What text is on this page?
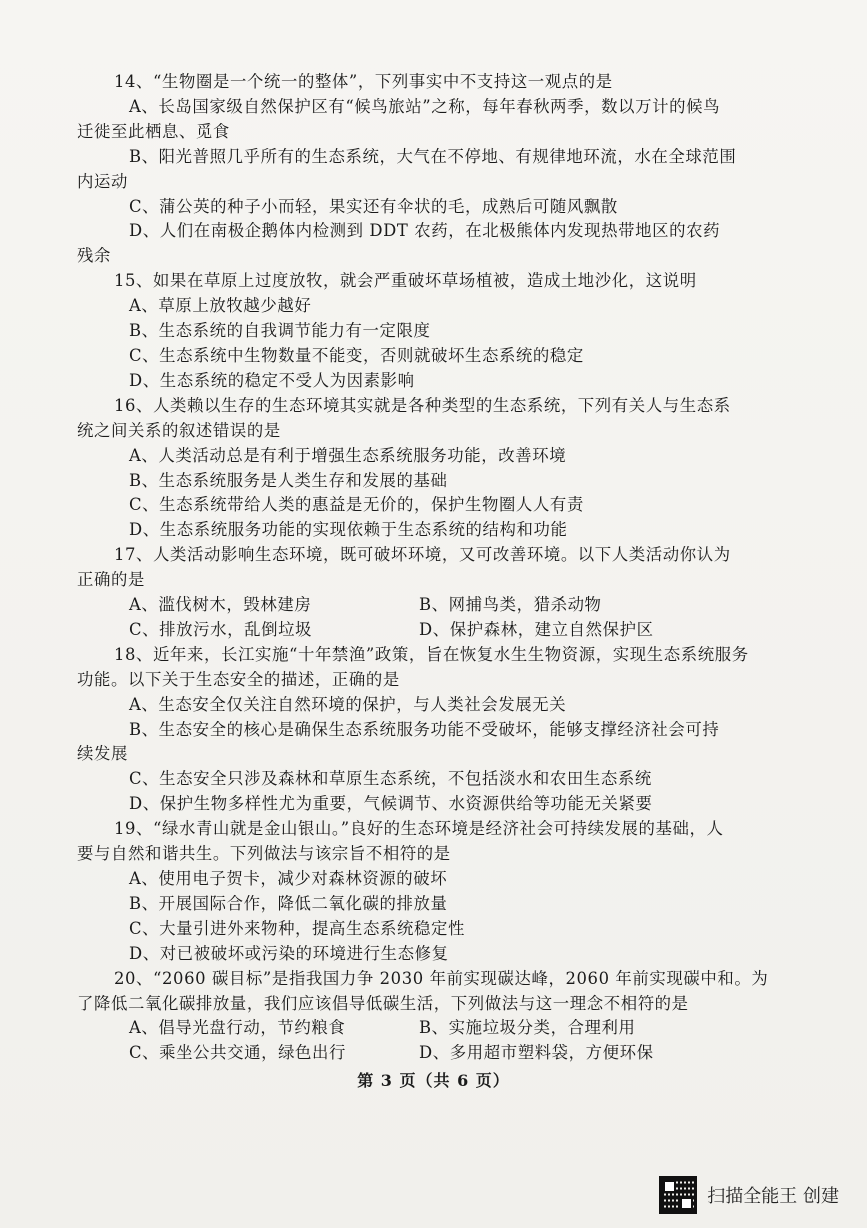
14、“生物圈是一个统一的整体”，下列事实中不支持这一观点的是
A、长岛国家级自然保护区有“候鸟旅站”之称，每年春秋两季，数以万计的候鸟
迁徙至此栖息、觅食
B、阳光普照几乎所有的生态系统，大气在不停地、有规律地环流，水在全球范围
内运动
C、蒲公英的种子小而轻，果实还有伞状的毛，成熟后可随风飘散
D、人们在南极企鹅体内检测到 DDT 农药，在北极熊体内发现热带地区的农药
残余
15、如果在草原上过度放牧，就会严重破坏草场植被，造成土地沙化，这说明
A、草原上放牧越少越好
B、生态系统的自我调节能力有一定限度
C、生态系统中生物数量不能变，否则就破坏生态系统的稳定
D、生态系统的稳定不受人为因素影响
16、人类赖以生存的生态环境其实就是各种类型的生态系统，下列有关人与生态系
统之间关系的叙述错误的是
A、人类活动总是有利于增强生态系统服务功能，改善环境
B、生态系统服务是人类生存和发展的基础
C、生态系统带给人类的惠益是无价的，保护生物圈人人有责
D、生态系统服务功能的实现依赖于生态系统的结构和功能
17、人类活动影响生态环境，既可破坏环境，又可改善环境。以下人类活动你认为
正确的是
A、滥伐树木，毁林建房	B、网捕鸟类，猎杀动物
C、排放污水，乱倒垃圾	D、保护森林，建立自然保护区
18、近年来，长江实施“十年禁渔”政策，旨在恢复水生生物资源，实现生态系统服务
功能。以下关于生态安全的描述，正确的是
A、生态安全仅关注自然环境的保护，与人类社会发展无关
B、生态安全的核心是确保生态系统服务功能不受破坏，能够支撑经济社会可持
续发展
C、生态安全只涉及森林和草原生态系统，不包括淡水和农田生态系统
D、保护生物多样性尤为重要，气候调节、水资源供给等功能无关紧要
19、“绿水青山就是金山银山。”良好的生态环境是经济社会可持续发展的基础，人
要与自然和谐共生。下列做法与该宗旨不相符的是
A、使用电子贺卡，减少对森林资源的破坏
B、开展国际合作，降低二氧化碳的排放量
C、大量引进外来物种，提高生态系统稳定性
D、对已被破坏或污染的环境进行生态修复
20、“2060 碳目标”是指我国力争 2030 年前实现碳达峰，2060 年前实现碳中和。为
了降低二氧化碳排放量，我们应该倡导低碳生活，下列做法与这一理念不相符的是
A、倡导光盘行动，节约粮食	B、实施垃圾分类，合理利用
C、乘坐公共交通，绿色出行	D、多用超市塑料袋，方便环保
第 3 页（共 6 页）
扫描全能王 创建
